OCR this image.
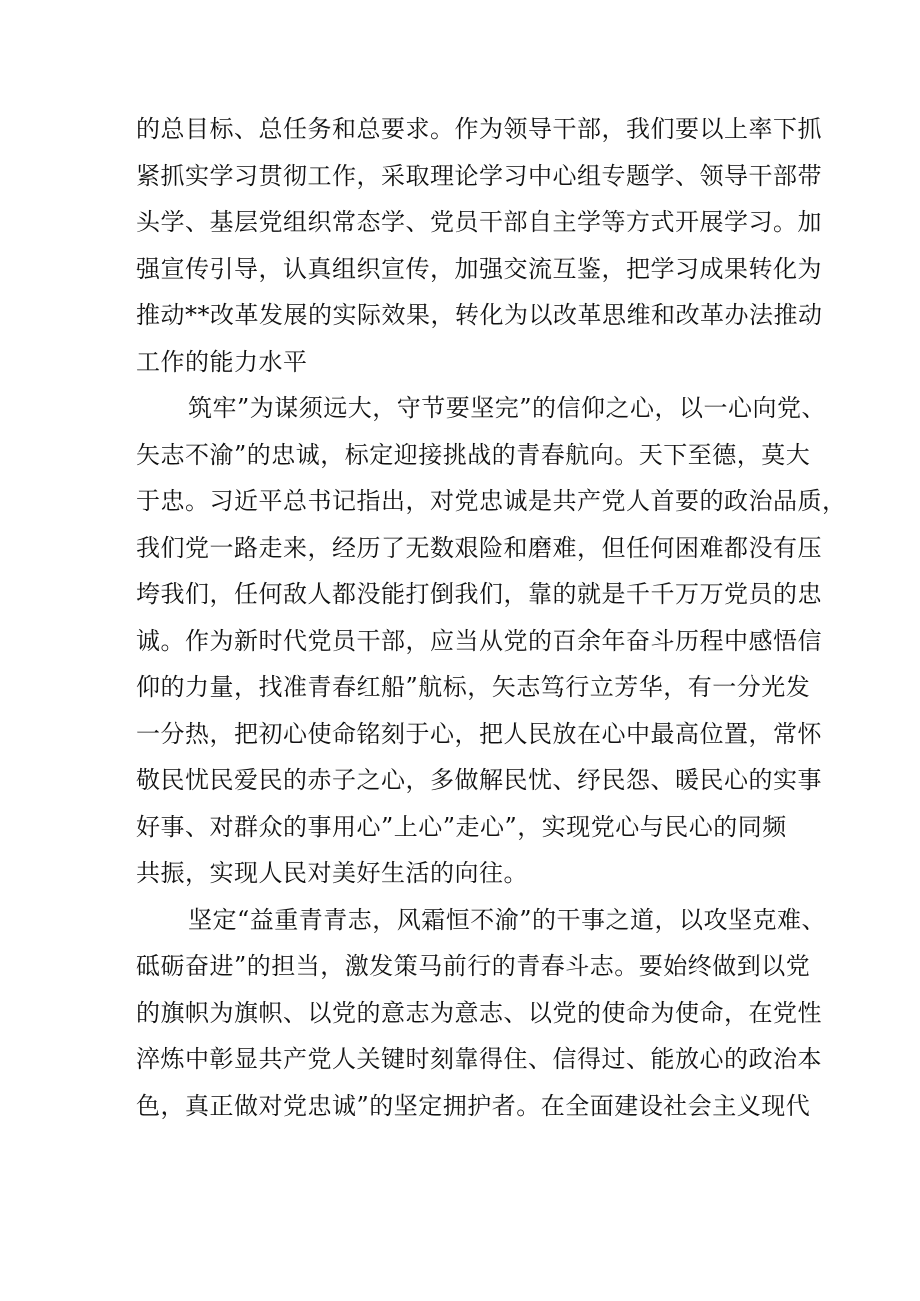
的总目标、总任务和总要求。作为领导干部，我们要以上率下抓
紧抓实学习贯彻工作，采取理论学习中心组专题学、领导干部带
头学、基层党组织常态学、党员干部自主学等方式开展学习。加
强宣传引导，认真组织宣传，加强交流互鉴，把学习成果转化为
推动**改革发展的实际效果，转化为以改革思维和改革办法推动
工作的能力水平
筑牢”为谋须远大，守节要坚完”的信仰之心，以一心向党、
矢志不渝”的忠诚，标定迎接挑战的青春航向。天下至德，莫大
于忠。习近平总书记指出，对党忠诚是共产党人首要的政治品质，
我们党一路走来，经历了无数艰险和磨难，但任何困难都没有压
垮我们，任何敌人都没能打倒我们，靠的就是千千万万党员的忠
诚。作为新时代党员干部，应当从党的百余年奋斗历程中感悟信
仰的力量，找准青春红船”航标，矢志笃行立芳华，有一分光发
一分热，把初心使命铭刻于心，把人民放在心中最高位置，常怀
敬民忧民爱民的赤子之心，多做解民忧、纾民怨、暖民心的实事
好事、对群众的事用心”上心”走心”，实现党心与民心的同频
共振，实现人民对美好生活的向往。
坚定“益重青青志，风霜恒不渝”的干事之道，以攻坚克难、
砥砺奋进”的担当，激发策马前行的青春斗志。要始终做到以党
的旗帜为旗帜、以党的意志为意志、以党的使命为使命，在党性
淬炼中彰显共产党人关键时刻靠得住、信得过、能放心的政治本
色，真正做对党忠诚”的坚定拥护者。在全面建设社会主义现代
